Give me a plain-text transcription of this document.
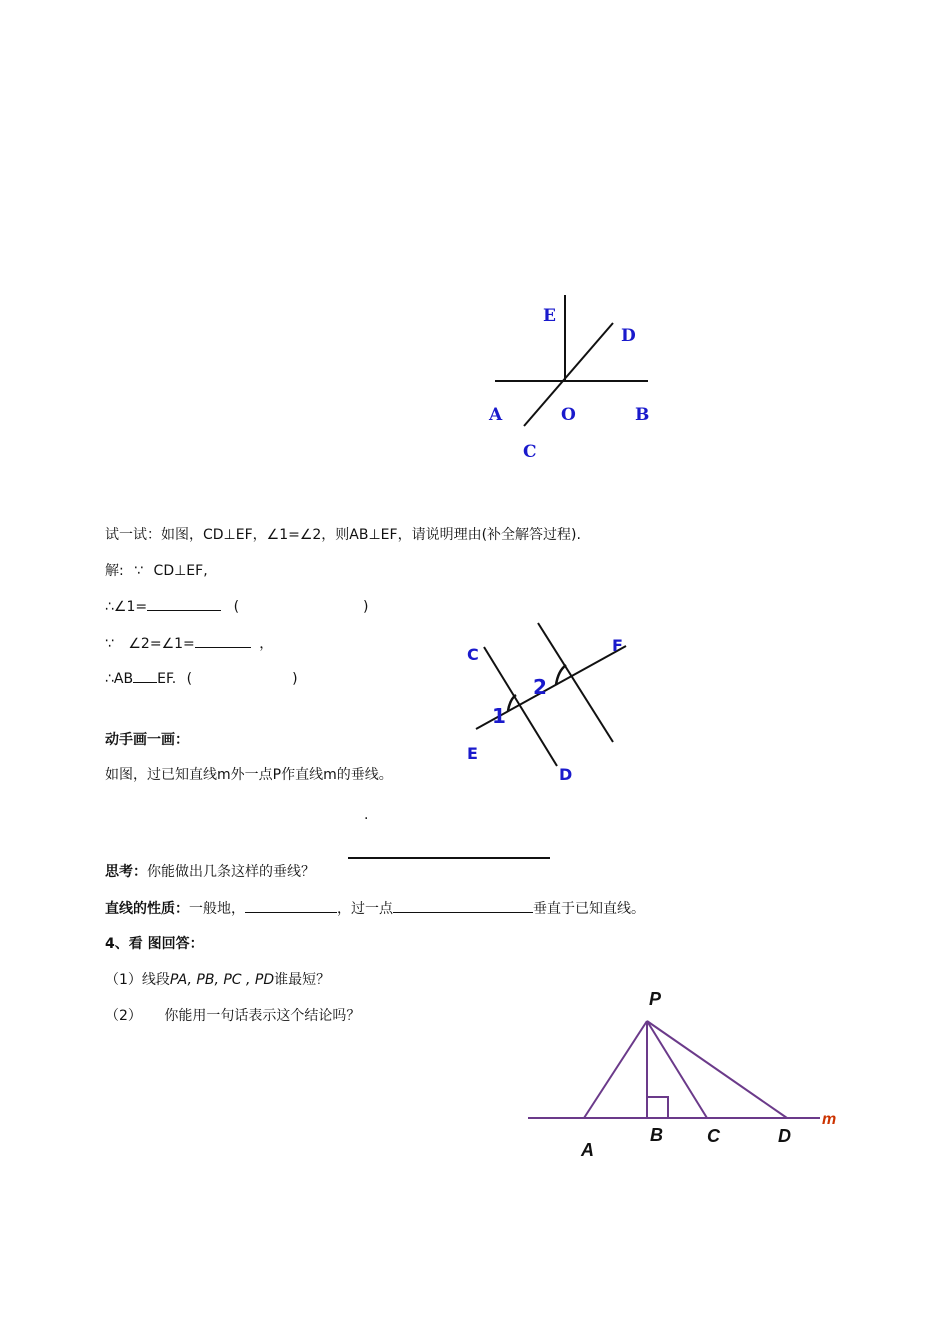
E
D
A	O	B
C
试一试：如图，CD⊥EF，∠1=∠2，则AB⊥EF，请说明理由(补全解答过程).
解: ∵ CD⊥EF,
∴∠1=	(	)
∵ ∠2=∠1=	，
∴AB EF. (	)
C	F
E
D
1
2
动手画一画：
如图，过已知直线m外一点P作直线m的垂线。
.
思考：你能做出几条这样的垂线？
直线的性质：一般地，	，过一点	垂直于已知直线。
4、看 图回答：
（1）线段PA, PB, PC , PD谁最短？
（2） 你能用一句话表示这个结论吗？
P
A
B C	D
m
